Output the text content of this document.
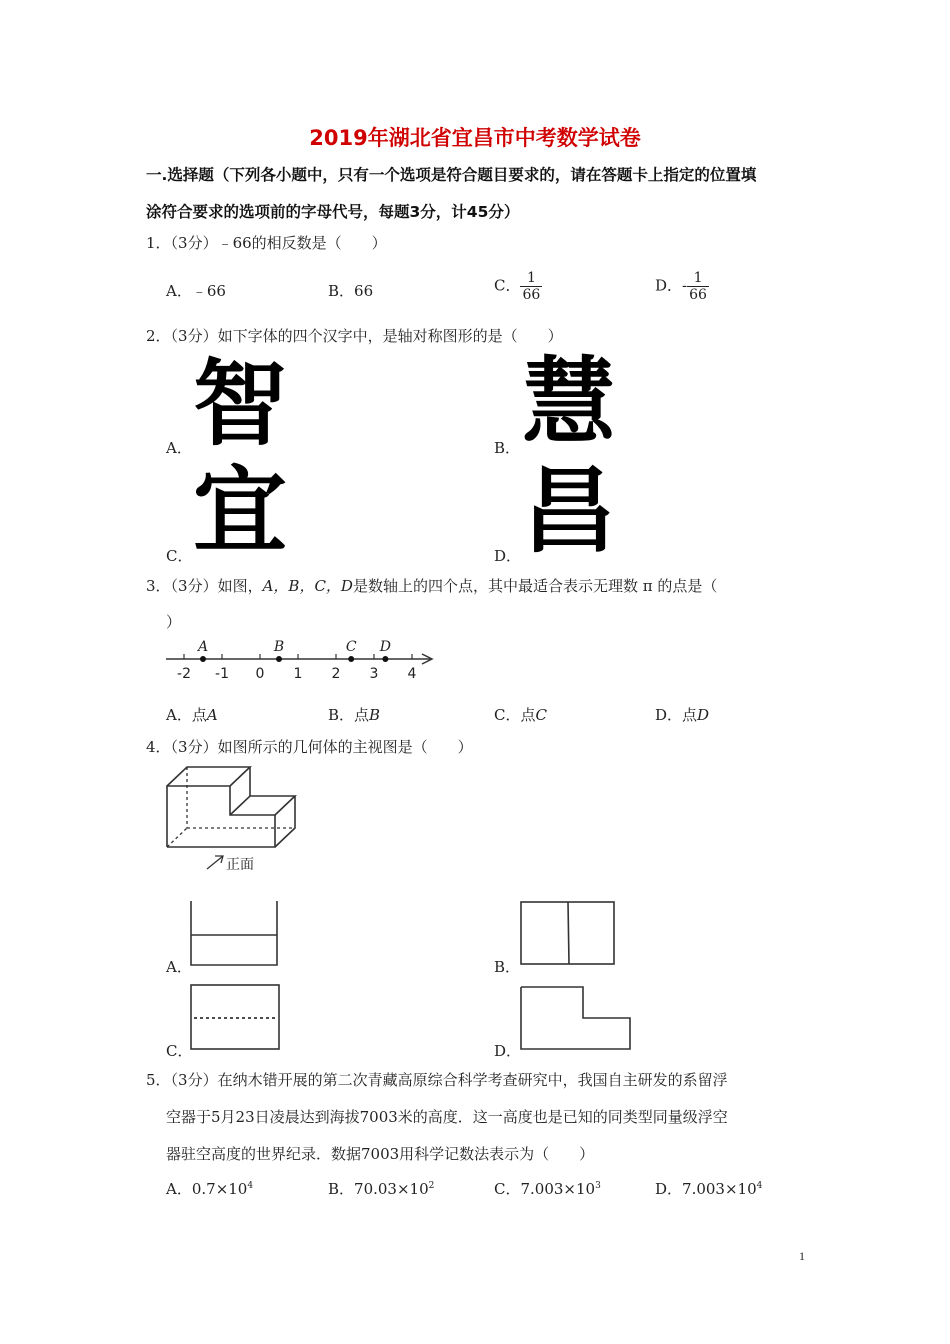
2019年湖北省宜昌市中考数学试卷
一.选择题（下列各小题中，只有一个选项是符合题目要求的，请在答题卡上指定的位置填
涂符合要求的选项前的字母代号，每题3分，计45分）
1．（3分）﹣66的相反数是（　　）
A．﹣66	B．66	C． $\frac{1}{66}$	D．- $\frac{1}{66}$
2．（3分）如下字体的四个汉字中，是轴对称图形的是（　　）
A． 智	B． 慧
C． 宜	D． 昌
3．（3分）如图，A，B，C，D是数轴上的四个点，其中最适合表示无理数 π 的点是（
）
-2 -1 0 1 2 3 4
A	B	C D
A．点A	B．点B	C．点C	D．点D
4．（3分）如图所示的几何体的主视图是（　　）
正面
A．	B．
C．	D．
5．（3分）在纳木错开展的第二次青藏高原综合科学考查研究中，我国自主研发的系留浮
空器于5月23日凌晨达到海拔7003米的高度．这一高度也是已知的同类型同量级浮空
器驻空高度的世界纪录．数据7003用科学记数法表示为（　　）
A．$0.7\times 10^4$	B．$70.03\times 10^2$	C．$7.003\times 10^3$	D．$7.003\times 10^4$
1
